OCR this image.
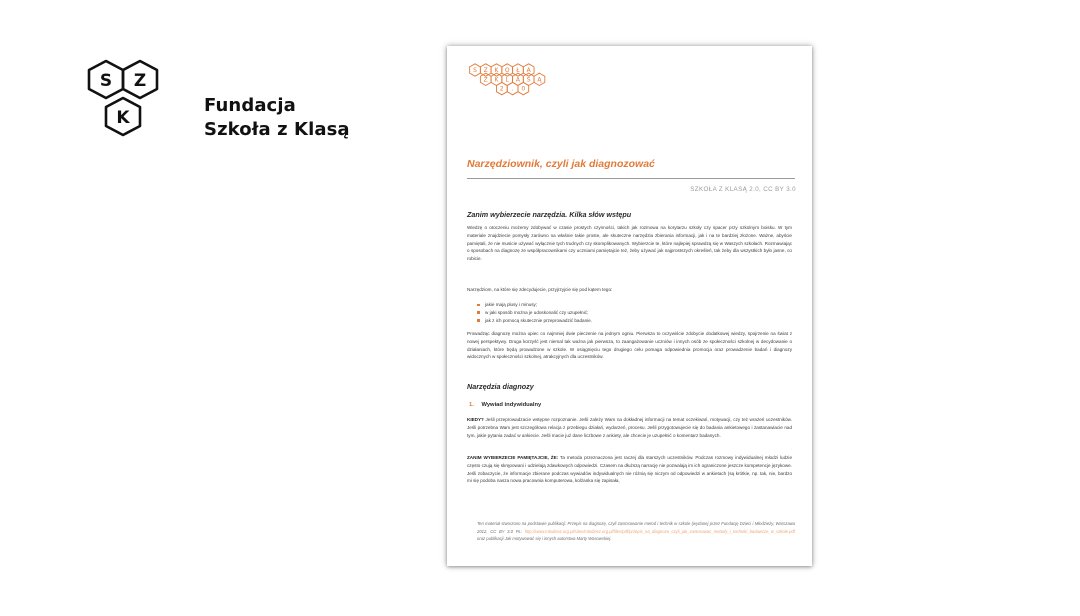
S Z
K
Fundacja
Szkoła z Klasą
S Z K O Ł A
Z K L A S Ą
2 . 0
Narzędziownik, czyli jak diagnozować
SZKOŁA Z KLASĄ 2.0, CC BY 3.0
Zanim wybierzecie narzędzia. Kilka słów wstępu

Wiedzę o otoczeniu możemy zdobywać w czasie prostych czynności, takich jak rozmowa na korytarzu szkoły czy spacer przy szkolnym boisku. W tym materiale znajdziecie pomysły zarówno na właśnie takie proste, ale skuteczne narzędzia zbierania informacji, jak i na te bardziej złożone. Ważne, abyście pamiętali, że nie musicie używać wyłącznie tych trudnych czy skomplikowanych. Wybierzcie te, które najlepiej sprawdzą się w Waszych szkołach. Rozmawiając o sposobach na diagnozę ze współpracownikami czy uczniami pamiętajcie też, żeby używać jak najprostszych określeń, tak żeby dla wszystkich było jasne, co robicie.

Narzędziom, na które się zdecydujecie, przyjrzyjcie się pod kątem tego:

jakie mają plusy i minusy;
w jaki sposób można je udoskonalić czy uzupełnić;
jak z ich pomocą skutecznie przeprowadzić badanie.

Prowadząc diagnozę można upiec co najmniej dwie pieczenie na jednym ogniu. Pierwsza to oczywiście zdobycie dodatkowej wiedzy, spojrzenie na świat z nowej perspektywy. Druga korzyść jest niemal tak ważna jak pierwsza, to zaangażowanie uczniów i innych osób ze społeczności szkolnej w decydowanie o działaniach, które będą prowadzone w szkole. W osiągnięciu tego drugiego celu pomaga odpowiednia promocja oraz prowadzenie badań i diagnozy widocznych w społeczności szkolnej, atrakcyjnych dla uczestników.

Narzędzia diagnozy
1. Wywiad indywidualny

KIEDY? Jeśli przeprowadzacie wstępne rozpoznanie. Jeśli zależy Wam na dokładnej informacji na temat oczekiwań, motywacji, czy też wrażeń uczestników. Jeśli potrzebna Wam jest szczegółowa relacja z przebiegu działań, wydarzeń, procesu. Jeśli przygotowujecie się do badania ankietowego i zastanawiacie nad tym, jakie pytania zadać w ankiecie. Jeśli macie już dane liczbowe z ankiety, ale chcecie je uzupełnić o komentarz badanych.

ZANIM WYBIERZECIE PAMIĘTAJCIE, ŻE: Ta metoda przeznaczona jest raczej dla starszych uczestników. Podczas rozmowy indywidualnej młodzi ludzie często czują się skrępowani i udzielają zdawkowych odpowiedzi. Czasem na dłuższą narrację nie pozwalają im ich ograniczone jeszcze kompetencje językowe. Jeśli zobaczycie, że informacje zbierane podczas wywiadów indywidualnych nie różnią się niczym od odpowiedzi w ankietach (są krótkie, np. tak, nie, bardzo mi się podoba nasza nowa pracownia komputerowa, kolżanka się zapisała,

Ten materiał stworzono na podstawie publikacji: Przepis na diagnozę, czyli zastosowanie metod i technik w szkole (wydanej przez Fundację Dzieci i Młodzieży, Warszawa 2012, CC BY 3.0 PL: http://www.mlodziez.org.pl/sites/mlodziez.org.pl/files/pdf/przepis_na_diagnoze_czyli_jak_zastosowac_metody_i_techniki_badawcze_w_szkole.pdf oraz publikacji Jak motywować się i innych autorstwa Marty Wasowskiej.
